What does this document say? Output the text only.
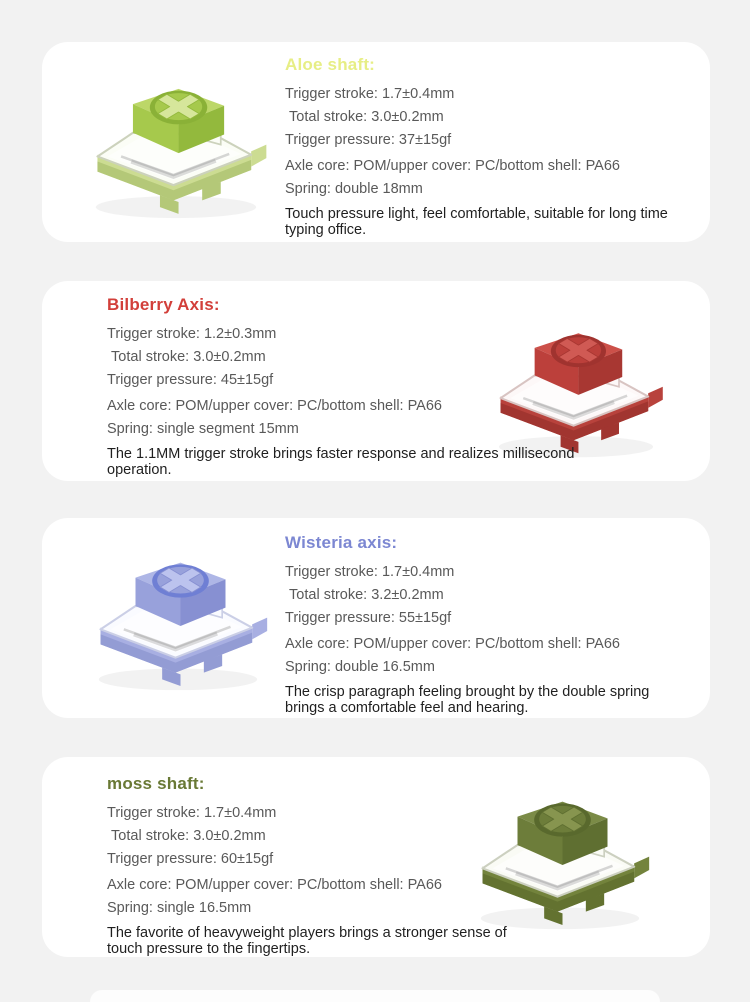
Aloe shaft:

Trigger stroke: 1.7±0.4mm

Total stroke: 3.0±0.2mm

Trigger pressure: 37±15gf

Axle core: POM/upper cover: PC/bottom shell: PA66

Spring: double 18mm

Touch pressure light, feel comfortable, suitable for long time typing office.

Bilberry Axis:

Trigger stroke: 1.2±0.3mm

Total stroke: 3.0±0.2mm

Trigger pressure: 45±15gf

Axle core: POM/upper cover: PC/bottom shell: PA66

Spring: single segment 15mm

The 1.1MM trigger stroke brings faster response and realizes millisecond operation.

Wisteria axis:

Trigger stroke: 1.7±0.4mm

Total stroke: 3.2±0.2mm

Trigger pressure: 55±15gf

Axle core: POM/upper cover: PC/bottom shell: PA66

Spring: double 16.5mm

The crisp paragraph feeling brought by the double spring brings a comfortable feel and hearing.

moss shaft:

Trigger stroke: 1.7±0.4mm

Total stroke: 3.0±0.2mm

Trigger pressure: 60±15gf

Axle core: POM/upper cover: PC/bottom shell: PA66

Spring: single 16.5mm

The favorite of heavyweight players brings a stronger sense of touch pressure to the fingertips.
